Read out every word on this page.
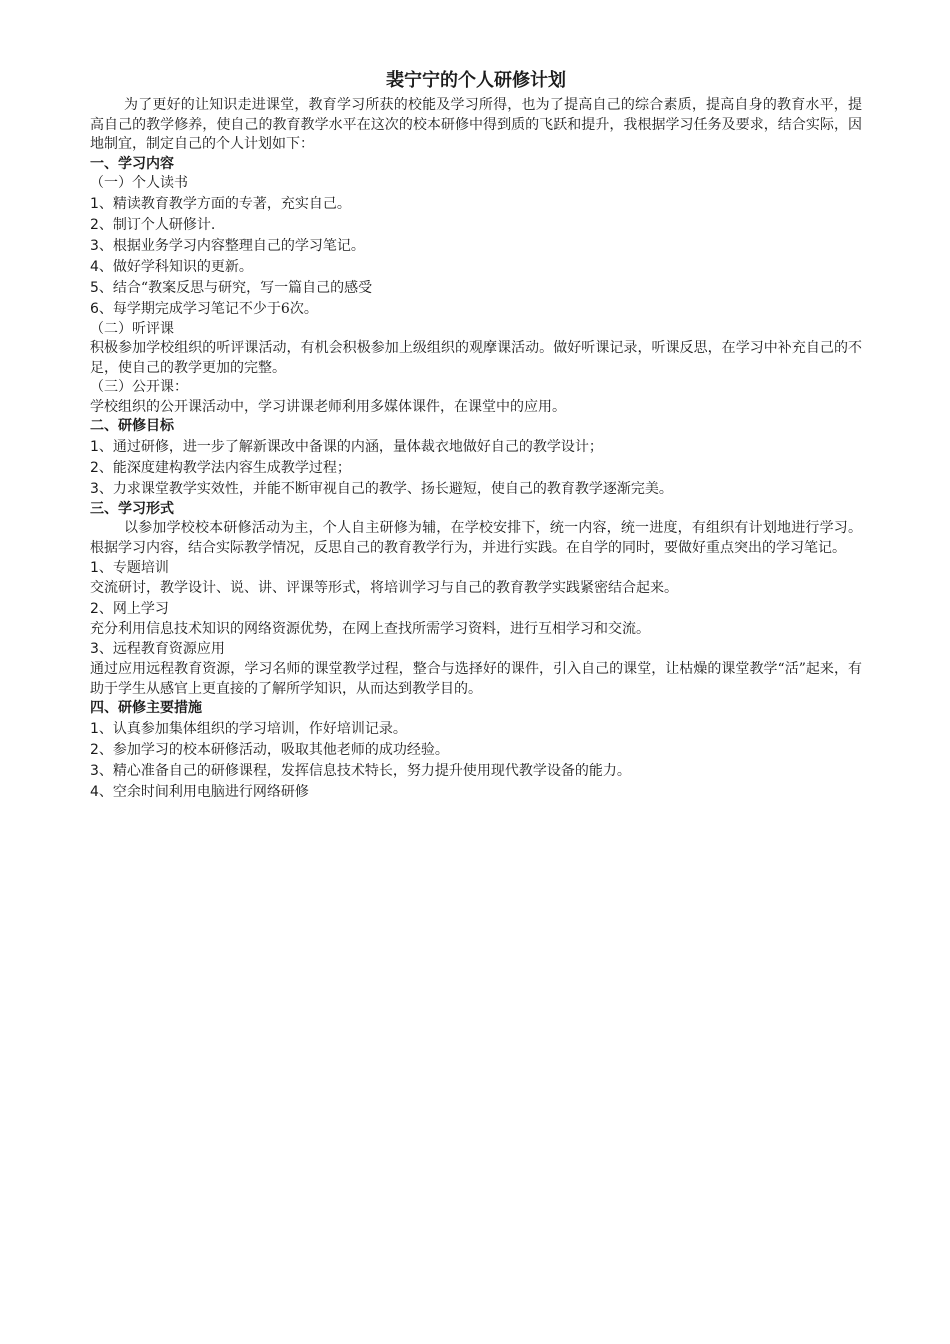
裴宁宁的个人研修计划

为了更好的让知识走进课堂，教育学习所获的校能及学习所得，也为了提高自己的综合素质，提高自身的教育水平，提高自己的教学修养，使自己的教育教学水平在这次的校本研修中得到质的飞跃和提升，我根据学习任务及要求，结合实际，因地制宜，制定自己的个人计划如下：

一、学习内容

（一）个人读书

1、精读教育教学方面的专著，充实自己。

2、制订个人研修计.

3、根据业务学习内容整理自己的学习笔记。

4、做好学科知识的更新。

5、结合“教案反思与研究，写一篇自己的感受

6、每学期完成学习笔记不少于6次。

（二）听评课

积极参加学校组织的听评课活动，有机会积极参加上级组织的观摩课活动。做好听课记录，听课反思，在学习中补充自己的不足，使自己的教学更加的完整。

（三）公开课：

学校组织的公开课活动中，学习讲课老师利用多媒体课件，在课堂中的应用。

二、研修目标

1、通过研修，进一步了解新课改中备课的内涵，量体裁衣地做好自己的教学设计；

2、能深度建构教学法内容生成教学过程；

3、力求课堂教学实效性，并能不断审视自己的教学、扬长避短，使自己的教育教学逐渐完美。

三、学习形式

以参加学校校本研修活动为主，个人自主研修为辅，在学校安排下，统一内容，统一进度，有组织有计划地进行学习。根据学习内容，结合实际教学情况，反思自己的教育教学行为，并进行实践。在自学的同时，要做好重点突出的学习笔记。

1、专题培训

交流研讨，教学设计、说、讲、评课等形式，将培训学习与自己的教育教学实践紧密结合起来。

2、网上学习

充分利用信息技术知识的网络资源优势，在网上查找所需学习资料，进行互相学习和交流。

3、远程教育资源应用

通过应用远程教育资源，学习名师的课堂教学过程，整合与选择好的课件，引入自己的课堂，让枯燥的课堂教学“活”起来，有助于学生从感官上更直接的了解所学知识，从而达到教学目的。

四、研修主要措施

1、认真参加集体组织的学习培训，作好培训记录。

2、参加学习的校本研修活动，吸取其他老师的成功经验。

3、精心准备自己的研修课程，发挥信息技术特长，努力提升使用现代教学设备的能力。

4、空余时间利用电脑进行网络研修
